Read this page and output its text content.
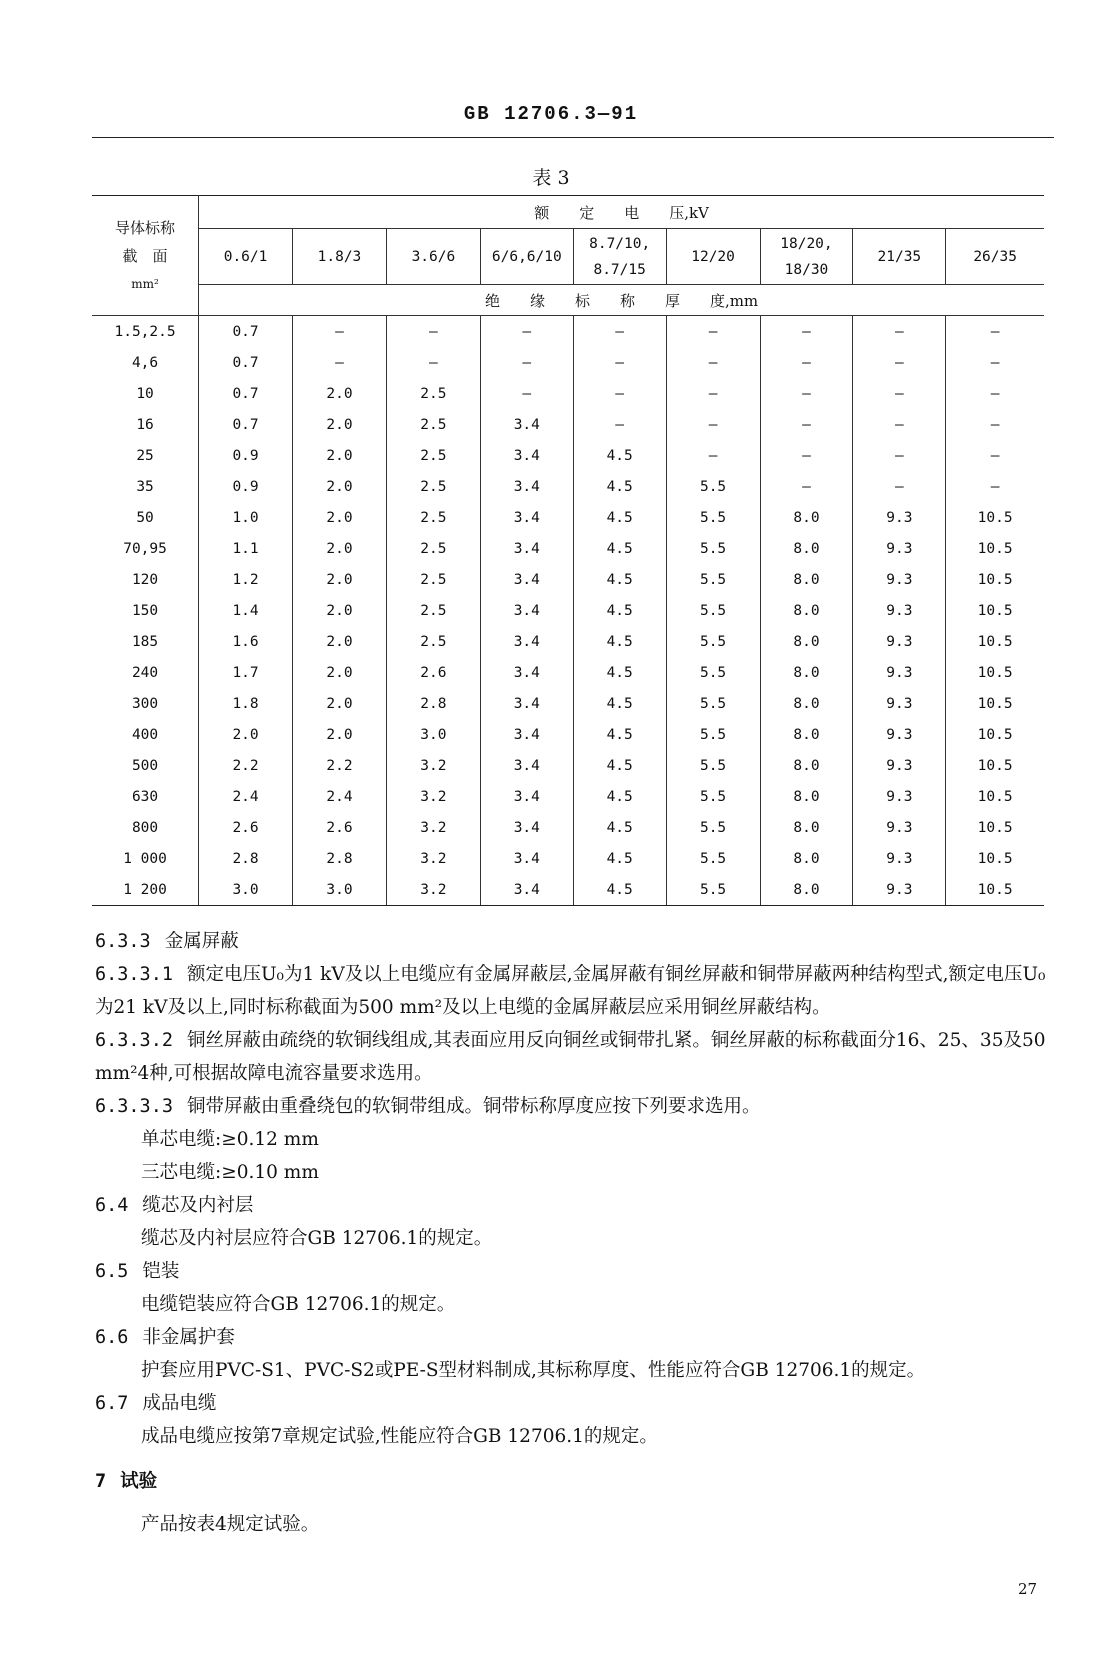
GB 12706.3—91
表 3
导体标称
截　面
mm²	额　　定　　电　　压,kV								
	0.6/1	1.8/3	3.6/6	6/6,6/10	8.7/10,
8.7/15	12/20	18/20,
18/30	21/35	26/35
	绝　　缘　　标　　称　　厚　　度,mm								
1.5,2.5	0.7	—	—	—	—	—	—	—	—
4,6	0.7	—	—	—	—	—	—	—	—
10	0.7	2.0	2.5	—	—	—	—	—	—
16	0.7	2.0	2.5	3.4	—	—	—	—	—
25	0.9	2.0	2.5	3.4	4.5	—	—	—	—
35	0.9	2.0	2.5	3.4	4.5	5.5	—	—	—
50	1.0	2.0	2.5	3.4	4.5	5.5	8.0	9.3	10.5
70,95	1.1	2.0	2.5	3.4	4.5	5.5	8.0	9.3	10.5
120	1.2	2.0	2.5	3.4	4.5	5.5	8.0	9.3	10.5
150	1.4	2.0	2.5	3.4	4.5	5.5	8.0	9.3	10.5
185	1.6	2.0	2.5	3.4	4.5	5.5	8.0	9.3	10.5
240	1.7	2.0	2.6	3.4	4.5	5.5	8.0	9.3	10.5
300	1.8	2.0	2.8	3.4	4.5	5.5	8.0	9.3	10.5
400	2.0	2.0	3.0	3.4	4.5	5.5	8.0	9.3	10.5
500	2.2	2.2	3.2	3.4	4.5	5.5	8.0	9.3	10.5
630	2.4	2.4	3.2	3.4	4.5	5.5	8.0	9.3	10.5
800	2.6	2.6	3.2	3.4	4.5	5.5	8.0	9.3	10.5
1 000	2.8	2.8	3.2	3.4	4.5	5.5	8.0	9.3	10.5
1 200	3.0	3.0	3.2	3.4	4.5	5.5	8.0	9.3	10.5

6.3.3 金属屏蔽

6.3.3.1 额定电压U₀为1 kV及以上电缆应有金属屏蔽层,金属屏蔽有铜丝屏蔽和铜带屏蔽两种结构型式,额定电压U₀为21 kV及以上,同时标称截面为500 mm²及以上电缆的金属屏蔽层应采用铜丝屏蔽结构。

6.3.3.2 铜丝屏蔽由疏绕的软铜线组成,其表面应用反向铜丝或铜带扎紧。铜丝屏蔽的标称截面分16、25、35及50 mm²4种,可根据故障电流容量要求选用。

6.3.3.3 铜带屏蔽由重叠绕包的软铜带组成。铜带标称厚度应按下列要求选用。

单芯电缆:≥0.12 mm

三芯电缆:≥0.10 mm

6.4 缆芯及内衬层

缆芯及内衬层应符合GB 12706.1的规定。

6.5 铠装

电缆铠装应符合GB 12706.1的规定。

6.6 非金属护套

护套应用PVC-S1、PVC-S2或PE-S型材料制成,其标称厚度、性能应符合GB 12706.1的规定。

6.7 成品电缆

成品电缆应按第7章规定试验,性能应符合GB 12706.1的规定。

7 试验

产品按表4规定试验。

27
